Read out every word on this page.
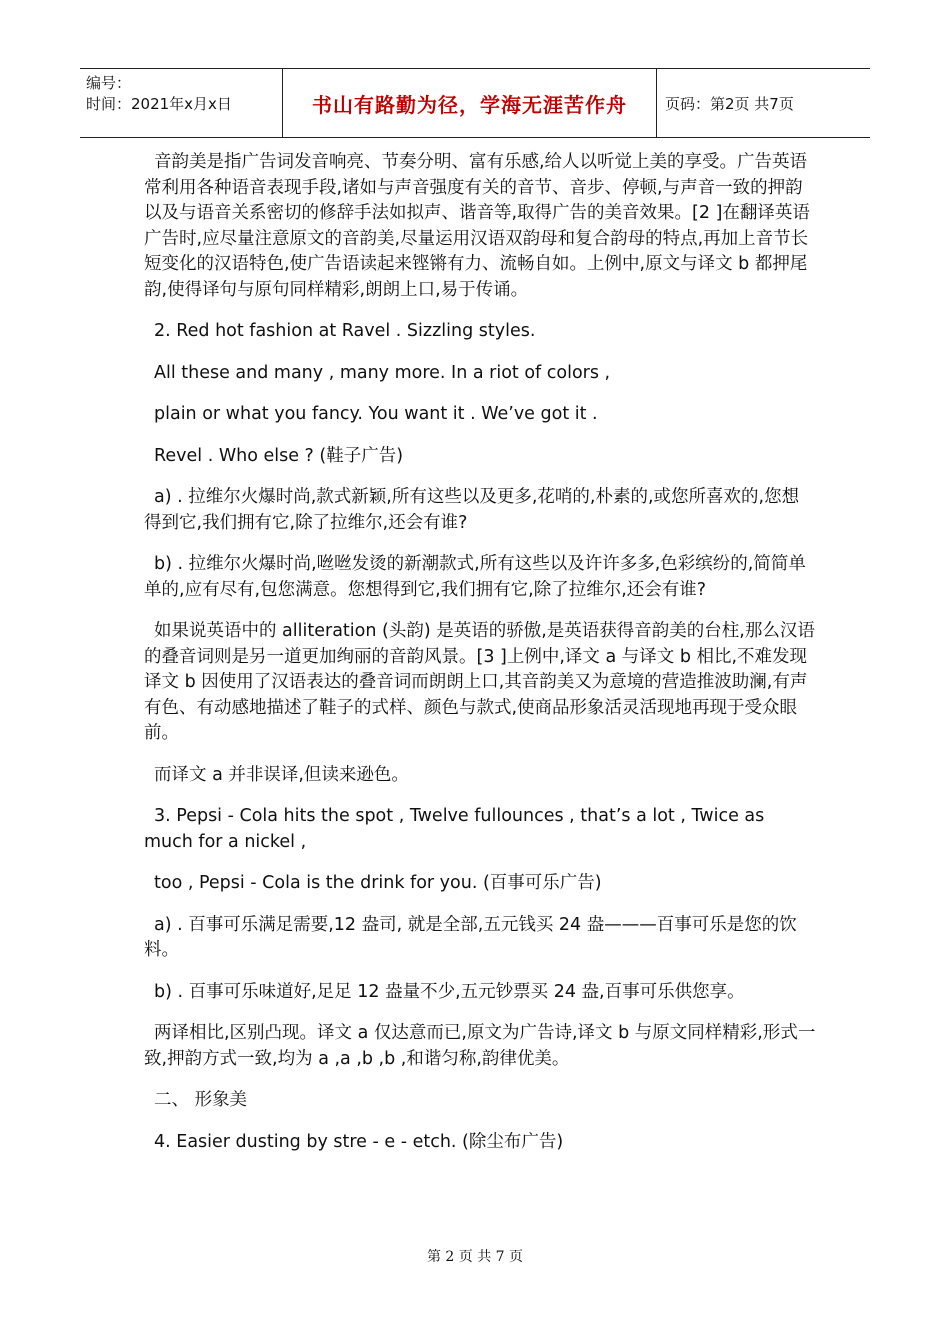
编号：
时间：2021年x月x日	书山有路勤为径，学海无涯苦作舟	页码：第2页 共7页

音韵美是指广告词发音响亮、节奏分明、富有乐感,给人以听觉上美的享受。广告英语常利用各种语音表现手段,诸如与声音强度有关的音节、音步、停顿,与声音一致的押韵以及与语音关系密切的修辞手法如拟声、谐音等,取得广告的美音效果。[2 ]在翻译英语广告时,应尽量注意原文的音韵美,尽量运用汉语双韵母和复合韵母的特点,再加上音节长短变化的汉语特色,使广告语读起来铿锵有力、流畅自如。上例中,原文与译文 b 都押尾韵,使得译句与原句同样精彩,朗朗上口,易于传诵。

2. Red hot fashion at Ravel . Sizzling styles.

All these and many , many more. In a riot of colors ,

plain or what you fancy. You want it . We’ve got it .

Revel . Who else ? (鞋子广告)

a) . 拉维尔火爆时尚,款式新颖,所有这些以及更多,花哨的,朴素的,或您所喜欢的,您想得到它,我们拥有它,除了拉维尔,还会有谁?

b) . 拉维尔火爆时尚,咝咝发烫的新潮款式,所有这些以及许许多多,色彩缤纷的,简简单单的,应有尽有,包您满意。您想得到它,我们拥有它,除了拉维尔,还会有谁?

如果说英语中的 alliteration (头韵) 是英语的骄傲,是英语获得音韵美的台柱,那么汉语的叠音词则是另一道更加绚丽的音韵风景。[3 ]上例中,译文 a 与译文 b 相比,不难发现译文 b 因使用了汉语表达的叠音词而朗朗上口,其音韵美又为意境的营造推波助澜,有声有色、有动感地描述了鞋子的式样、颜色与款式,使商品形象活灵活现地再现于受众眼前。

而译文 a 并非误译,但读来逊色。

3. Pepsi - Cola hits the spot , Twelve fullounces , that’s a lot , Twice as much for a nickel ,

too , Pepsi - Cola is the drink for you. (百事可乐广告)

a) . 百事可乐满足需要,12 盎司, 就是全部,五元钱买 24 盎———百事可乐是您的饮料。

b) . 百事可乐味道好,足足 12 盎量不少,五元钞票买 24 盎,百事可乐供您享。

两译相比,区别凸现。译文 a 仅达意而已,原文为广告诗,译文 b 与原文同样精彩,形式一致,押韵方式一致,均为 a ,a ,b ,b ,和谐匀称,韵律优美。

二、 形象美

4. Easier dusting by stre - e - etch. (除尘布广告)

第 2 页 共 7 页
